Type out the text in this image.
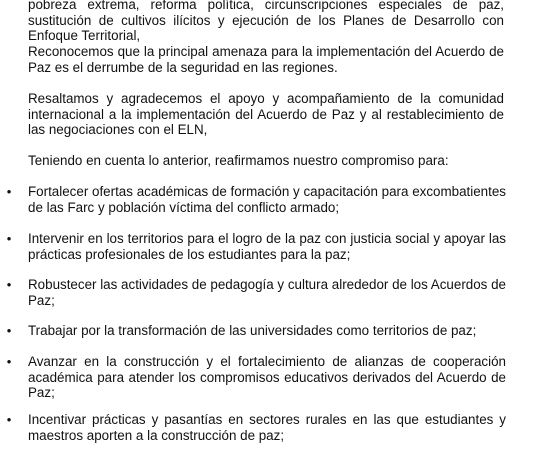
pobreza extrema, reforma política, circunscripciones especiales de paz, sustitución de cultivos ilícitos y ejecución de los Planes de Desarrollo con Enfoque Territorial,

Reconocemos que la principal amenaza para la implementación del Acuerdo de Paz es el derrumbe de la seguridad en las regiones.

Resaltamos y agradecemos el apoyo y acompañamiento de la comunidad internacional a la implementación del Acuerdo de Paz y al restablecimiento de las negociaciones con el ELN,

Teniendo en cuenta lo anterior, reafirmamos nuestro compromiso para:

• Fortalecer ofertas académicas de formación y capacitación para excombatientes de las Farc y población víctima del conflicto armado;

• Intervenir en los territorios para el logro de la paz con justicia social y apoyar las prácticas profesionales de los estudiantes para la paz;

• Robustecer las actividades de pedagogía y cultura alrededor de los Acuerdos de Paz;

• Trabajar por la transformación de las universidades como territorios de paz;

• Avanzar en la construcción y el fortalecimiento de alianzas de cooperación académica para atender los compromisos educativos derivados del Acuerdo de Paz;

• Incentivar prácticas y pasantías en sectores rurales en las que estudiantes y maestros aporten a la construcción de paz;
